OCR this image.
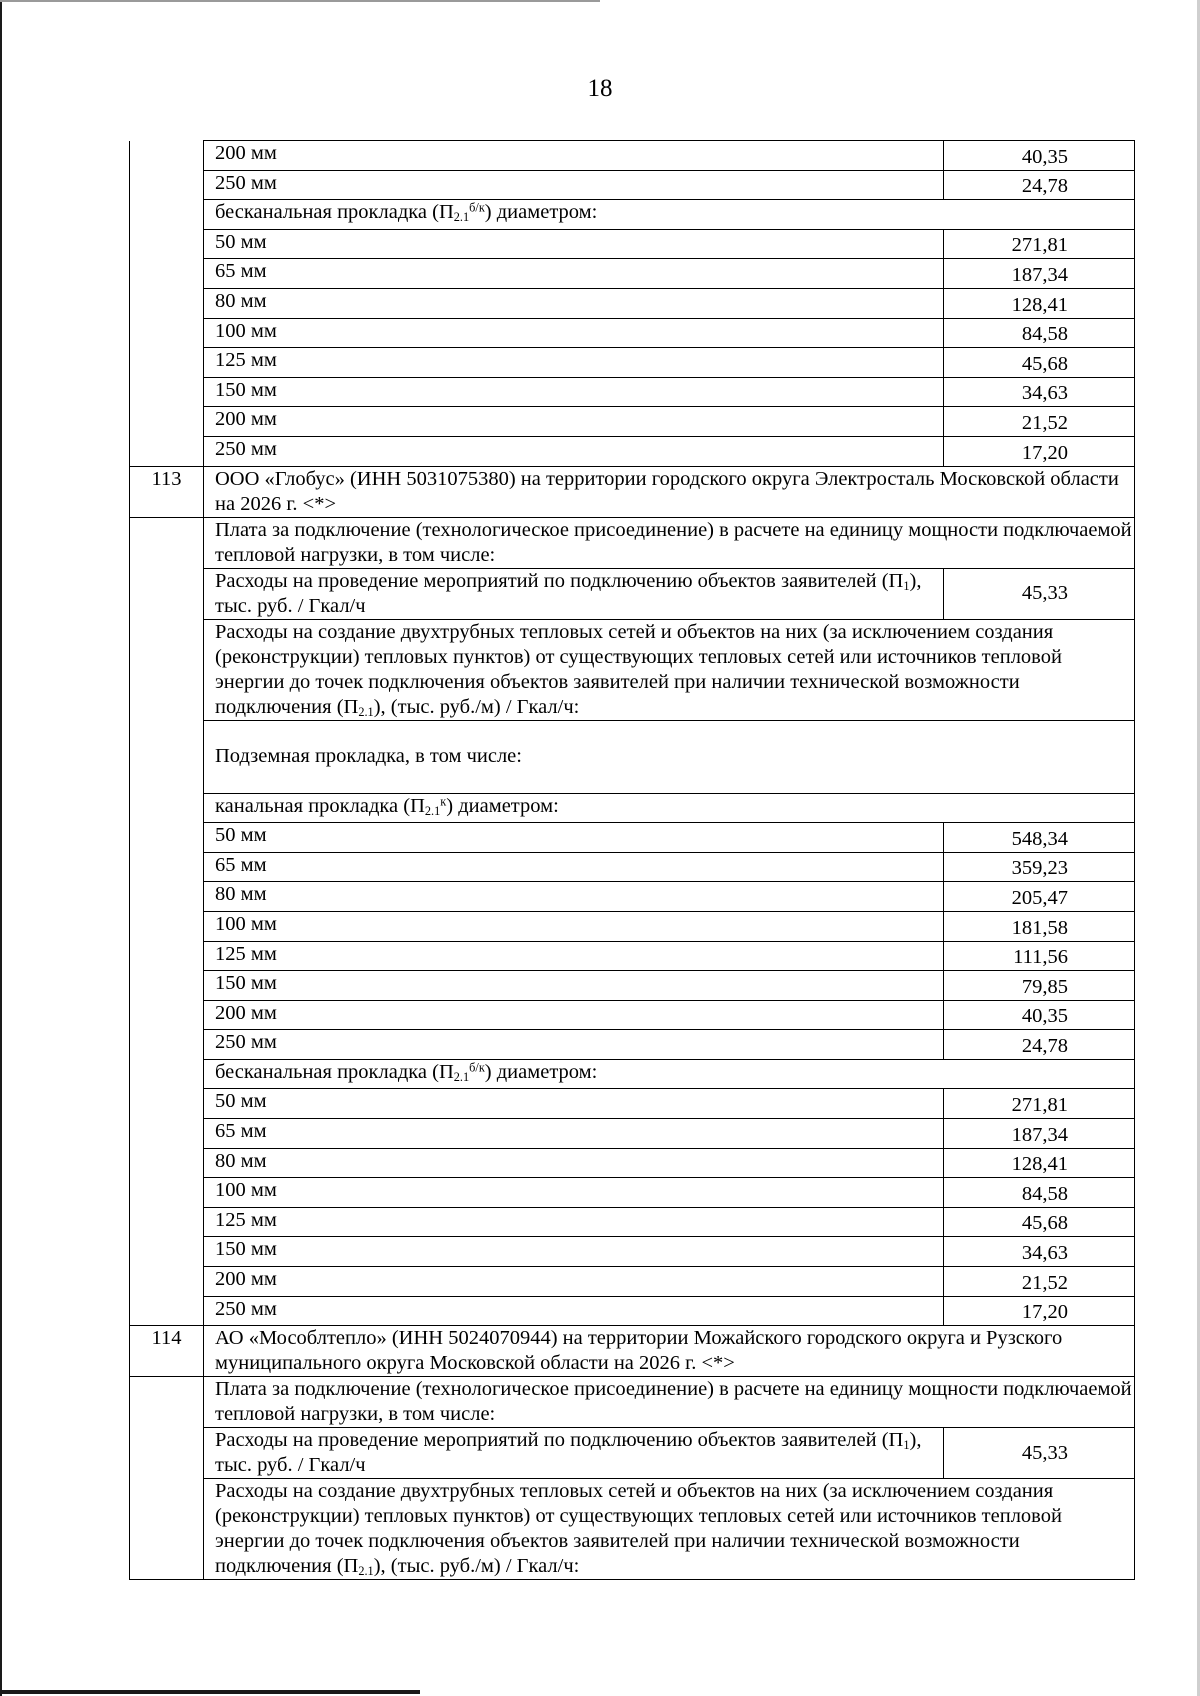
18
	200 мм	40,35
	250 мм	24,78
	бесканальная прокладка $(П_{2.1}^{б/к})$ диаметром:	
	50 мм	271,81
	65 мм	187,34
	80 мм	128,41
	100 мм	84,58
	125 мм	45,68
	150 мм	34,63
	200 мм	21,52
	250 мм	17,20
113	ООО «Глобус» (ИНН 5031075380) на территории городского округа Электросталь Московской области на 2026 г. <*>	
	Плата за подключение (технологическое присоединение) в расчете на единицу мощности подключаемой тепловой нагрузки, в том числе:	
	Расходы на проведение мероприятий по подключению объектов заявителей $(П_1)$, тыс. руб. / Гкал/ч	45,33
	Расходы на создание двухтрубных тепловых сетей и объектов на них (за исключением создания (реконструкции) тепловых пунктов) от существующих тепловых сетей или источников тепловой энергии до точек подключения объектов заявителей при наличии технической возможности подключения $(П_{2.1})$, (тыс. руб./м) / Гкал/ч:	
	Подземная прокладка, в том числе:	
	канальная прокладка $(П_{2.1}^к)$ диаметром:	
	50 мм	548,34
	65 мм	359,23
	80 мм	205,47
	100 мм	181,58
	125 мм	111,56
	150 мм	79,85
	200 мм	40,35
	250 мм	24,78
	бесканальная прокладка $(П_{2.1}^{б/к})$ диаметром:	
	50 мм	271,81
	65 мм	187,34
	80 мм	128,41
	100 мм	84,58
	125 мм	45,68
	150 мм	34,63
	200 мм	21,52
	250 мм	17,20
114	АО «Мособлтепло» (ИНН 5024070944) на территории Можайского городского округа и Рузского муниципального округа Московской области на 2026 г. <*>	
	Плата за подключение (технологическое присоединение) в расчете на единицу мощности подключаемой тепловой нагрузки, в том числе:	
	Расходы на проведение мероприятий по подключению объектов заявителей $(П_1)$, тыс. руб. / Гкал/ч	45,33
	Расходы на создание двухтрубных тепловых сетей и объектов на них (за исключением создания (реконструкции) тепловых пунктов) от существующих тепловых сетей или источников тепловой энергии до точек подключения объектов заявителей при наличии технической возможности подключения $(П_{2.1})$, (тыс. руб./м) / Гкал/ч:	
